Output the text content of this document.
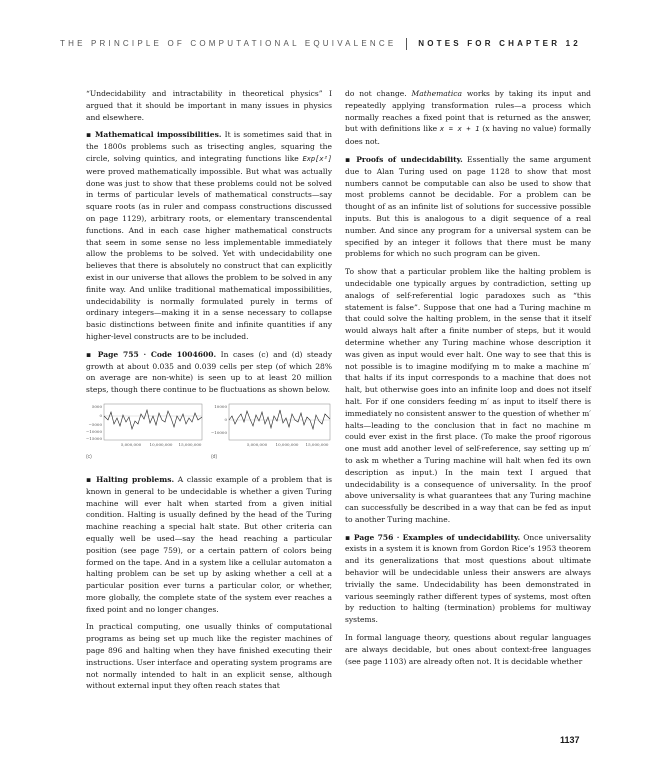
THE PRINCIPLE OF COMPUTATIONAL EQUIVALENCE	NOTES FOR CHAPTER 12

“Undecidability and intractability in theoretical physics” I argued that it should be important in many issues in physics and elsewhere.

▪ Mathematical impossibilities. It is sometimes said that in the 1800s problems such as trisecting angles, squaring the circle, solving quintics, and integrating functions like Exp[x²] were proved mathematically impossible. But what was actually done was just to show that these problems could not be solved in terms of particular levels of mathematical constructs—say square roots (as in ruler and compass constructions discussed on page 1129), arbitrary roots, or elementary transcendental functions. And in each case higher mathematical constructs that seem in some sense no less implementable immediately allow the problems to be solved. Yet with undecidability one believes that there is absolutely no construct that can explicitly exist in our universe that allows the problem to be solved in any finite way. And unlike traditional mathematical impossibilities, undecidability is normally formulated purely in terms of ordinary integers—making it in a sense necessary to collapse basic distinctions between finite and infinite quantities if any higher-level constructs are to be included.

▪ Page 755 · Code 1004600. In cases (c) and (d) steady growth at about 0.035 and 0.039 cells per step (of which 28% on average are non-white) is seen up to at least 20 million steps, though there continue to be fluctuations as shown below.

5000
0
−5000
−10000
−15000
5,000,000 10,000,000 15,000,000
(c)
10000
0
−10000
5,000,000 10,000,000 15,000,000
(d)

▪ Halting problems. A classic example of a problem that is known in general to be undecidable is whether a given Turing machine will ever halt when started from a given initial condition. Halting is usually defined by the head of the Turing machine reaching a special halt state. But other criteria can equally well be used—say the head reaching a particular position (see page 759), or a certain pattern of colors being formed on the tape. And in a system like a cellular automaton a halting problem can be set up by asking whether a cell at a particular position ever turns a particular color, or whether, more globally, the complete state of the system ever reaches a fixed point and no longer changes.

In practical computing, one usually thinks of computational programs as being set up much like the register machines of page 896 and halting when they have finished executing their instructions. User interface and operating system programs are not normally intended to halt in an explicit sense, although without external input they often reach states that

do not change. Mathematica works by taking its input and repeatedly applying transformation rules—a process which normally reaches a fixed point that is returned as the answer, but with definitions like x = x + 1 (x having no value) formally does not.

▪ Proofs of undecidability. Essentially the same argument due to Alan Turing used on page 1128 to show that most numbers cannot be computable can also be used to show that most problems cannot be decidable. For a problem can be thought of as an infinite list of solutions for successive possible inputs. But this is analogous to a digit sequence of a real number. And since any program for a universal system can be specified by an integer it follows that there must be many problems for which no such program can be given.

To show that a particular problem like the halting problem is undecidable one typically argues by contradiction, setting up analogs of self-referential logic paradoxes such as “this statement is false”. Suppose that one had a Turing machine m that could solve the halting problem, in the sense that it itself would always halt after a finite number of steps, but it would determine whether any Turing machine whose description it was given as input would ever halt. One way to see that this is not possible is to imagine modifying m to make a machine m′ that halts if its input corresponds to a machine that does not halt, but otherwise goes into an infinite loop and does not itself halt. For if one considers feeding m′ as input to itself there is immediately no consistent answer to the question of whether m′ halts—leading to the conclusion that in fact no machine m could ever exist in the first place. (To make the proof rigorous one must add another level of self-reference, say setting up m′ to ask m whether a Turing machine will halt when fed its own description as input.) In the main text I argued that undecidability is a consequence of universality. In the proof above universality is what guarantees that any Turing machine can successfully be described in a way that can be fed as input to another Turing machine.

▪ Page 756 · Examples of undecidability. Once universality exists in a system it is known from Gordon Rice’s 1953 theorem and its generalizations that most questions about ultimate behavior will be undecidable unless their answers are always trivially the same. Undecidability has been demonstrated in various seemingly rather different types of systems, most often by reduction to halting (termination) problems for multiway systems.

In formal language theory, questions about regular languages are always decidable, but ones about context-free languages (see page 1103) are already often not. It is decidable whether

1137
